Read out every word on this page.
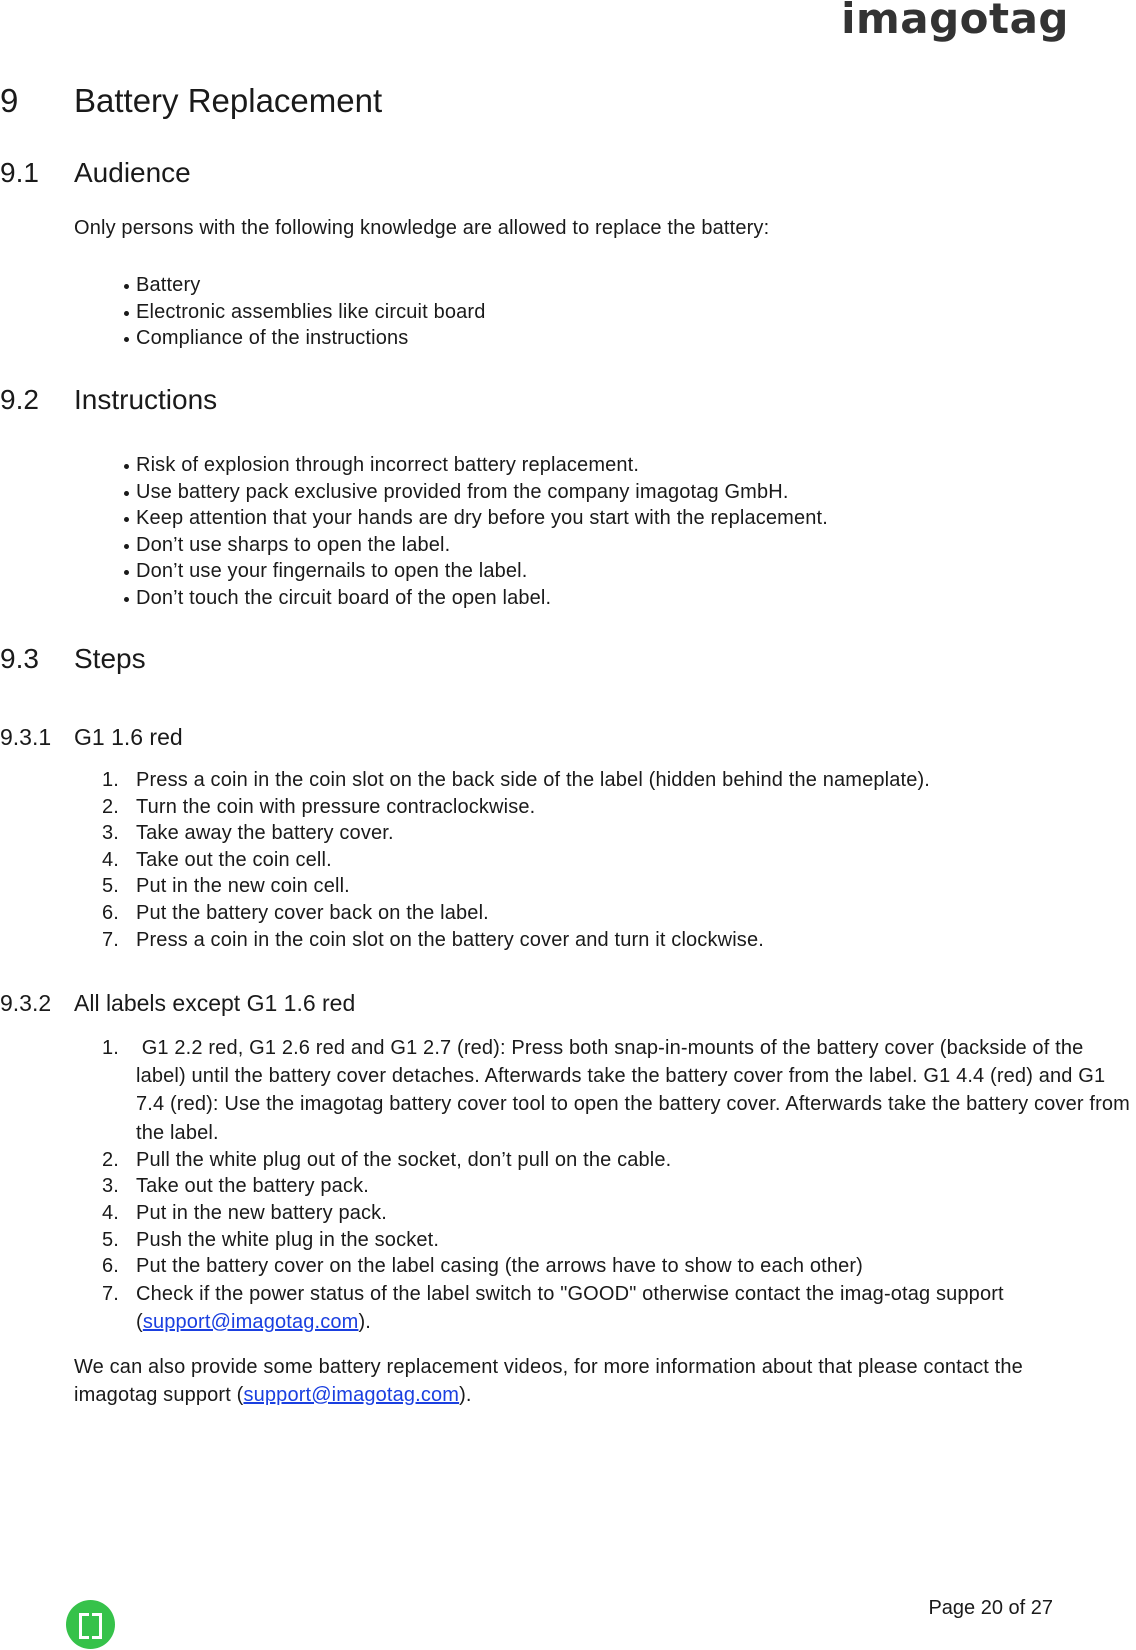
imagotag
9 Battery Replacement
9.1 Audience

Only persons with the following knowledge are allowed to replace the battery:

Battery
Electronic assemblies like circuit board
Compliance of the instructions
9.2 Instructions
Risk of explosion through incorrect battery replacement.
Use battery pack exclusive provided from the company imagotag GmbH.
Keep attention that your hands are dry before you start with the replacement.
Don’t use sharps to open the label.
Don’t use your fingernails to open the label.
Don’t touch the circuit board of the open label.
9.3 Steps
9.3.1 G1 1.6 red
1. Press a coin in the coin slot on the back side of the label (hidden behind the nameplate).
2. Turn the coin with pressure contraclockwise.
3. Take away the battery cover.
4. Take out the coin cell.
5. Put in the new coin cell.
6. Put the battery cover back on the label.
7. Press a coin in the coin slot on the battery cover and turn it clockwise.
9.3.2 All labels except G1 1.6 red
1. G1 2.2 red, G1 2.6 red and G1 2.7 (red): Press both snap-in-mounts of the battery cover (backside of the label) until the battery cover detaches. Afterwards take the battery cover from the label. G1 4.4 (red) and G1 7.4 (red): Use the imagotag battery cover tool to open the battery cover. Afterwards take the battery cover from the label.
2. Pull the white plug out of the socket, don’t pull on the cable.
3. Take out the battery pack.
4. Put in the new battery pack.
5. Push the white plug in the socket.
6. Put the battery cover on the label casing (the arrows have to show to each other)
7. Check if the power status of the label switch to "GOOD" otherwise contact the imag-otag support (support@imagotag.com).

We can also provide some battery replacement videos, for more information about that please contact the imagotag support (support@imagotag.com).

Page 20 of 27
